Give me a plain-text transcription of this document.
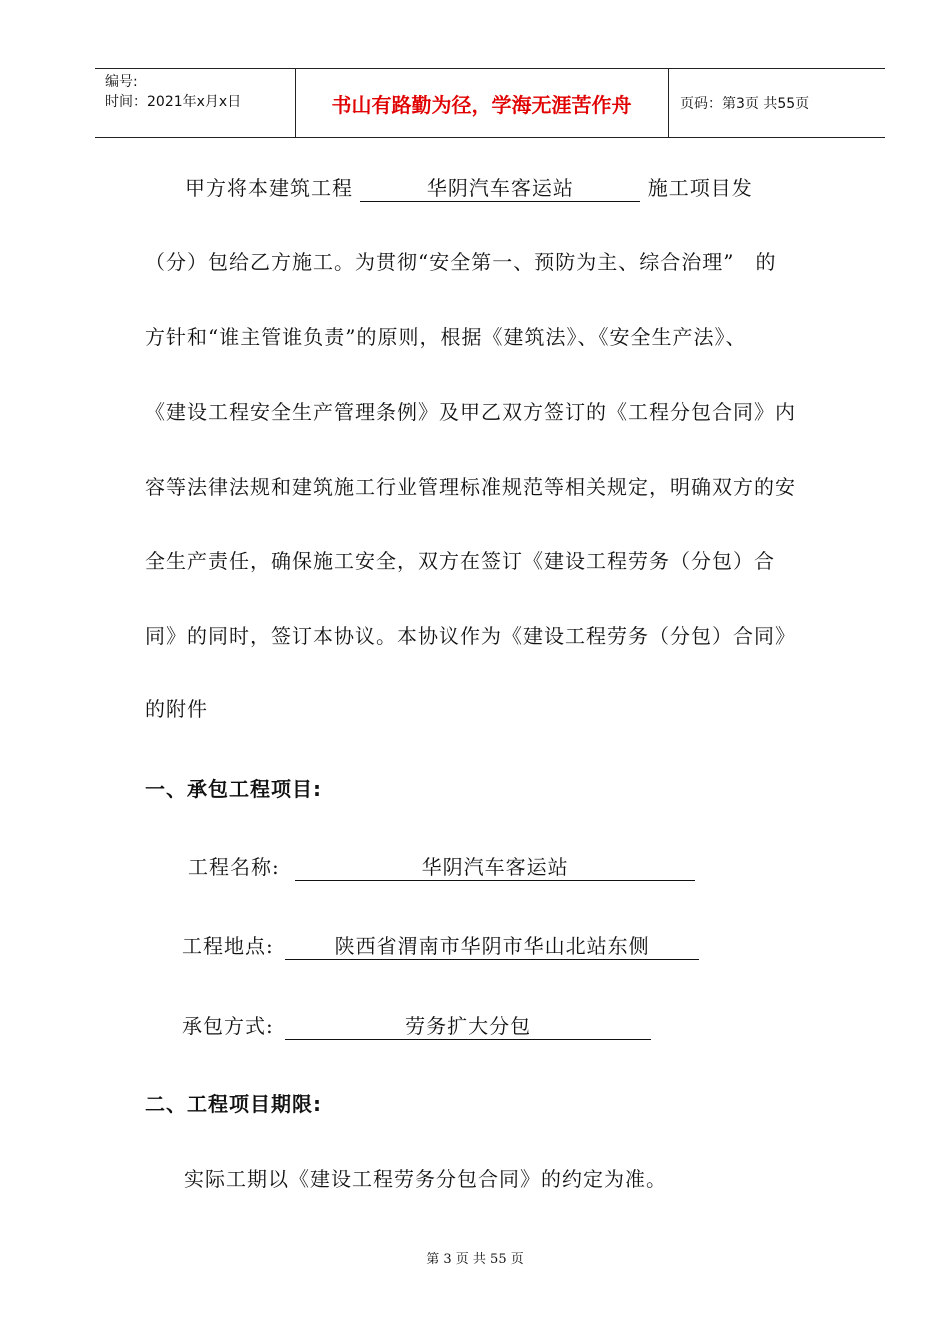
编号:
时间：2021年x月x日	书山有路勤为径，学海无涯苦作舟	页码：第3页 共55页
甲方将本建筑工程	华阴汽车客运站	施工项目发
（分）包给乙方施工。为贯彻“安全第一、预防为主、综合治理”　的
方针和“谁主管谁负责”的原则，根据《建筑法》、《安全生产法》、
《建设工程安全生产管理条例》及甲乙双方签订的《工程分包合同》内
容等法律法规和建筑施工行业管理标准规范等相关规定，明确双方的安
全生产责任，确保施工安全，双方在签订《建设工程劳务（分包）合
同》的同时，签订本协议。本协议作为《建设工程劳务（分包）合同》
的附件
一、承包工程项目:
工程名称:	华阴汽车客运站
工程地点:	陕西省渭南市华阴市华山北站东侧
承包方式:	劳务扩大分包
二、工程项目期限:
实际工期以《建设工程劳务分包合同》的约定为准。
第 3 页 共 55 页
